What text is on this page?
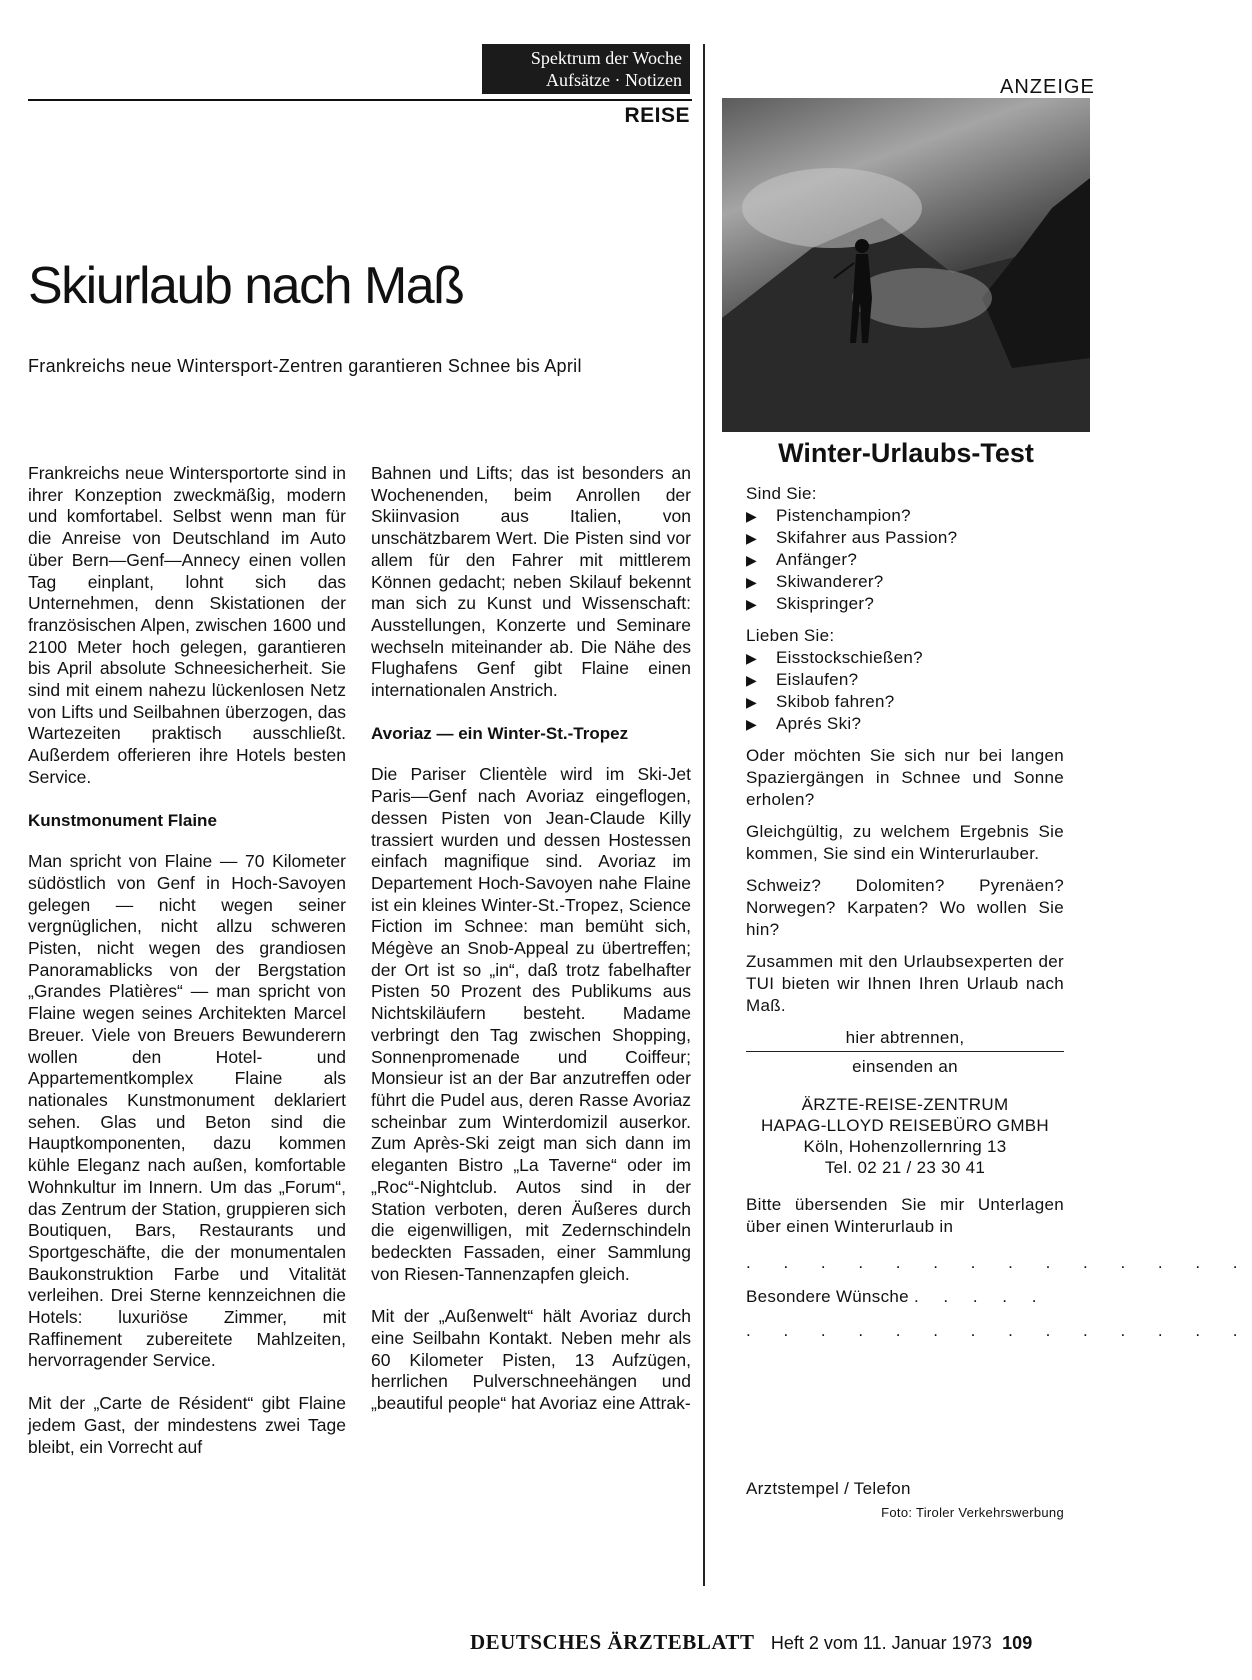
Spektrum der Woche
Aufsätze · Notizen
REISE
ANZEIGE
Skiurlaub nach Maß
Frankreichs neue Wintersport-Zentren garantieren Schnee bis April

Frankreichs neue Wintersportorte sind in ihrer Konzeption zweckmäßig, modern und komfortabel. Selbst wenn man für die Anreise von Deutschland im Auto über Bern—Genf—Annecy einen vollen Tag einplant, lohnt sich das Unternehmen, denn Skistationen der französischen Alpen, zwischen 1600 und 2100 Meter hoch gelegen, garantieren bis April absolute Schneesicherheit. Sie sind mit einem nahezu lückenlosen Netz von Lifts und Seilbahnen überzogen, das Wartezeiten praktisch ausschließt. Außerdem offerieren ihre Hotels besten Service.

Kunstmonument Flaine

Man spricht von Flaine — 70 Kilometer südöstlich von Genf in Hoch-Savoyen gelegen — nicht wegen seiner vergnüglichen, nicht allzu schweren Pisten, nicht wegen des grandiosen Panoramablicks von der Bergstation „Grandes Platières“ — man spricht von Flaine wegen seines Architekten Marcel Breuer. Viele von Breuers Bewunderern wollen den Hotel- und Appartementkomplex Flaine als nationales Kunstmonument deklariert sehen. Glas und Beton sind die Hauptkomponenten, dazu kommen kühle Eleganz nach außen, komfortable Wohnkultur im Innern. Um das „Forum“, das Zentrum der Station, gruppieren sich Boutiquen, Bars, Restaurants und Sportgeschäfte, die der monumentalen Baukonstruktion Farbe und Vitalität verleihen. Drei Sterne kennzeichnen die Hotels: luxuriöse Zimmer, mit Raffinement zubereitete Mahlzeiten, hervorragender Service.

Mit der „Carte de Résident“ gibt Flaine jedem Gast, der mindestens zwei Tage bleibt, ein Vorrecht auf

Bahnen und Lifts; das ist besonders an Wochenenden, beim Anrollen der Skiinvasion aus Italien, von unschätzbarem Wert. Die Pisten sind vor allem für den Fahrer mit mittlerem Können gedacht; neben Skilauf bekennt man sich zu Kunst und Wissenschaft: Ausstellungen, Konzerte und Seminare wechseln miteinander ab. Die Nähe des Flughafens Genf gibt Flaine einen internationalen Anstrich.

Avoriaz — ein Winter-St.-Tropez

Die Pariser Clientèle wird im Ski-Jet Paris—Genf nach Avoriaz eingeflogen, dessen Pisten von Jean-Claude Killy trassiert wurden und dessen Hostessen einfach magnifique sind. Avoriaz im Departement Hoch-Savoyen nahe Flaine ist ein kleines Winter-St.-Tropez, Science Fiction im Schnee: man bemüht sich, Mégève an Snob-Appeal zu übertreffen; der Ort ist so „in“, daß trotz fabelhafter Pisten 50 Prozent des Publikums aus Nichtskiläufern besteht. Madame verbringt den Tag zwischen Shopping, Sonnenpromenade und Coiffeur; Monsieur ist an der Bar anzutreffen oder führt die Pudel aus, deren Rasse Avoriaz scheinbar zum Winterdomizil auserkor. Zum Après-Ski zeigt man sich dann im eleganten Bistro „La Taverne“ oder im „Roc“-Nightclub. Autos sind in der Station verboten, deren Äußeres durch die eigenwilligen, mit Zedernschindeln bedeckten Fassaden, einer Sammlung von Riesen-Tannenzapfen gleich.

Mit der „Außenwelt“ hält Avoriaz durch eine Seilbahn Kontakt. Neben mehr als 60 Kilometer Pisten, 13 Aufzügen, herrlichen Pulverschneehängen und „beautiful people“ hat Avoriaz eine Attrak-

Winter-Urlaubs-Test

Sind Sie:

▶ Pistenchampion?
▶ Skifahrer aus Passion?
▶ Anfänger?
▶ Skiwanderer?
▶ Skispringer?

Lieben Sie:

▶ Eisstockschießen?
▶ Eislaufen?
▶ Skibob fahren?
▶ Aprés Ski?

Oder möchten Sie sich nur bei langen Spaziergängen in Schnee und Sonne erholen?

Gleichgültig, zu welchem Ergebnis Sie kommen, Sie sind ein Winterurlauber.

Schweiz? Dolomiten? Pyrenäen? Norwegen? Karpaten? Wo wollen Sie hin?

Zusammen mit den Urlaubsexperten der TUI bieten wir Ihnen Ihren Urlaub nach Maß.

hier abtrennen,
einsenden an
ÄRZTE-REISE-ZENTRUM
HAPAG-LLOYD REISEBÜRO GMBH
Köln, Hohenzollernring 13
Tel. 02 21 / 23 30 41

Bitte übersenden Sie mir Unterlagen über einen Winterurlaub in

. . . . . . . . . . . . . .
Besondere Wünsche . . . . .
. . . . . . . . . . . . . .
Arztstempel / Telefon
Foto: Tiroler Verkehrswerbung
DEUTSCHES ÄRZTEBLATT Heft 2 vom 11. Januar 1973 109
